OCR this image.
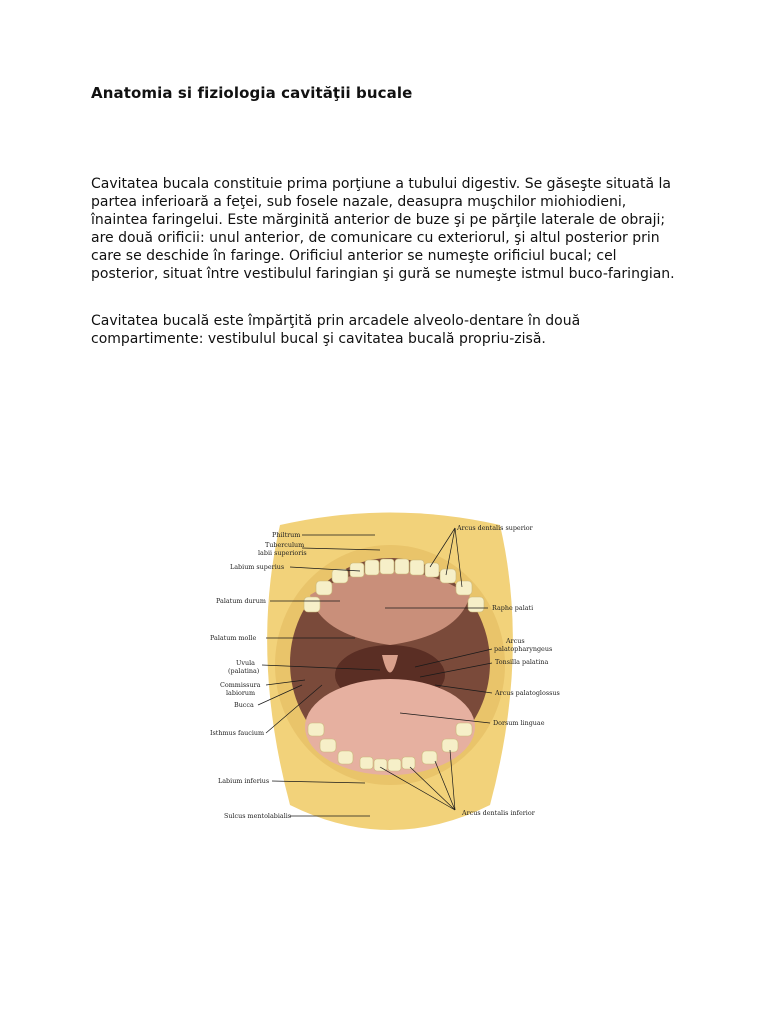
Anatomia si fiziologia cavităţii bucale

Cavitatea bucala constituie prima porţiune a tubului digestiv. Se găseşte situată la partea inferioară a feţei, sub fosele nazale, deasupra muşchilor miohiodieni, înaintea faringelui. Este mărginită anterior de buze şi pe părţile laterale de obraji; are două orificii: unul anterior, de comunicare cu exteriorul, şi altul posterior prin care se deschide în faringe. Orificiul anterior se numeşte orificiul bucal; cel posterior, situat între vestibulul faringian şi gură se numeşte istmul buco-faringian.

Cavitatea bucală este împărţită prin arcadele alveolo-dentare în două compartimente: vestibulul bucal şi cavitatea bucală propriu-zisă.

Philtrum
Tuberculum
labii superioris
Labium superius
Palatum durum
Palatum molle
Uvula
(palatina)
Commissura
labiorum
Bucca
Isthmus faucium
Labium inferius
Sulcus mentolabialis
Arcus dentalis superior
Raphe palati
Arcus
palatopharyngeus
Tonsilla palatina
Arcus palatoglossus
Dorsum linguae
Arcus dentalis inferior
